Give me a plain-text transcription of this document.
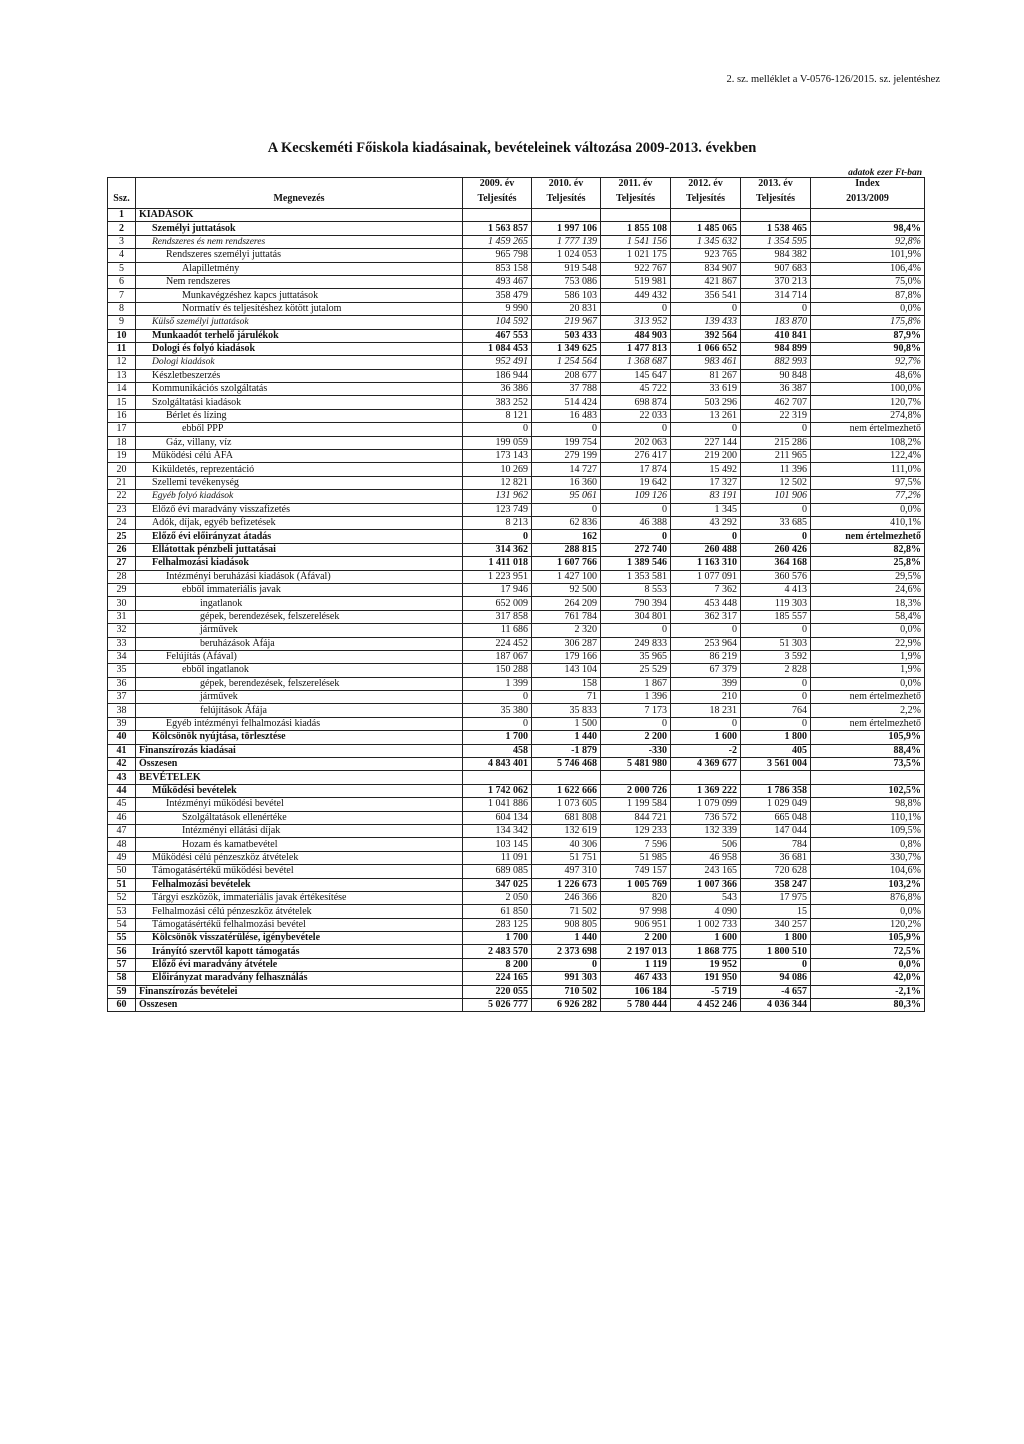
2. sz. melléklet a V-0576-126/2015. sz. jelentéshez
A Kecskeméti Főiskola kiadásainak, bevételeinek változása 2009-2013. években
adatok ezer Ft-ban
		2009. év	2010. év	2011. év	2012. év	2013. év	Index
Ssz.	Megnevezés	Teljesítés	Teljesítés	Teljesítés	Teljesítés	Teljesítés	2013/2009
1	KIADÁSOK						
2	Személyi juttatások	1 563 857	1 997 106	1 855 108	1 485 065	1 538 465	98,4%
3	Rendszeres és nem rendszeres	1 459 265	1 777 139	1 541 156	1 345 632	1 354 595	92,8%
4	Rendszeres személyi juttatás	965 798	1 024 053	1 021 175	923 765	984 382	101,9%
5	Alapilletmény	853 158	919 548	922 767	834 907	907 683	106,4%
6	Nem rendszeres	493 467	753 086	519 981	421 867	370 213	75,0%
7	Munkavégzéshez kapcs juttatások	358 479	586 103	449 432	356 541	314 714	87,8%
8	Normatív és teljesítéshez kötött jutalom	9 990	20 831	0	0	0	0,0%
9	Külső személyi juttatások	104 592	219 967	313 952	139 433	183 870	175,8%
10	Munkaadót terhelő járulékok	467 553	503 433	484 903	392 564	410 841	87,9%
11	Dologi és folyó kiadások	1 084 453	1 349 625	1 477 813	1 066 652	984 899	90,8%
12	Dologi kiadások	952 491	1 254 564	1 368 687	983 461	882 993	92,7%
13	Készletbeszerzés	186 944	208 677	145 647	81 267	90 848	48,6%
14	Kommunikációs szolgáltatás	36 386	37 788	45 722	33 619	36 387	100,0%
15	Szolgáltatási kiadások	383 252	514 424	698 874	503 296	462 707	120,7%
16	Bérlet és lízing	8 121	16 483	22 033	13 261	22 319	274,8%
17	ebből PPP	0	0	0	0	0	nem értelmezhető
18	Gáz, villany, víz	199 059	199 754	202 063	227 144	215 286	108,2%
19	Működési célú ÁFA	173 143	279 199	276 417	219 200	211 965	122,4%
20	Kiküldetés, reprezentáció	10 269	14 727	17 874	15 492	11 396	111,0%
21	Szellemi tevékenység	12 821	16 360	19 642	17 327	12 502	97,5%
22	Egyéb folyó kiadások	131 962	95 061	109 126	83 191	101 906	77,2%
23	Előző évi maradvány visszafizetés	123 749	0	0	1 345	0	0,0%
24	Adók, díjak, egyéb befizetések	8 213	62 836	46 388	43 292	33 685	410,1%
25	Előző évi előirányzat átadás	0	162	0	0	0	nem értelmezhető
26	Ellátottak pénzbeli juttatásai	314 362	288 815	272 740	260 488	260 426	82,8%
27	Felhalmozási kiadások	1 411 018	1 607 766	1 389 546	1 163 310	364 168	25,8%
28	Intézményi beruházási kiadások (Áfával)	1 223 951	1 427 100	1 353 581	1 077 091	360 576	29,5%
29	ebből immateriális javak	17 946	92 500	8 553	7 362	4 413	24,6%
30	ingatlanok	652 009	264 209	790 394	453 448	119 303	18,3%
31	gépek, berendezések, felszerelések	317 858	761 784	304 801	362 317	185 557	58,4%
32	járművek	11 686	2 320	0	0	0	0,0%
33	beruházások Áfája	224 452	306 287	249 833	253 964	51 303	22,9%
34	Felújítás (Áfával)	187 067	179 166	35 965	86 219	3 592	1,9%
35	ebből ingatlanok	150 288	143 104	25 529	67 379	2 828	1,9%
36	gépek, berendezések, felszerelések	1 399	158	1 867	399	0	0,0%
37	járművek	0	71	1 396	210	0	nem értelmezhető
38	felújítások Áfája	35 380	35 833	7 173	18 231	764	2,2%
39	Egyéb intézményi felhalmozási kiadás	0	1 500	0	0	0	nem értelmezhető
40	Kölcsönök nyújtása, törlesztése	1 700	1 440	2 200	1 600	1 800	105,9%
41	Finanszírozás kiadásai	458	-1 879	-330	-2	405	88,4%
42	Összesen	4 843 401	5 746 468	5 481 980	4 369 677	3 561 004	73,5%
43	BEVÉTELEK						
44	Működési bevételek	1 742 062	1 622 666	2 000 726	1 369 222	1 786 358	102,5%
45	Intézményi működési bevétel	1 041 886	1 073 605	1 199 584	1 079 099	1 029 049	98,8%
46	Szolgáltatások ellenértéke	604 134	681 808	844 721	736 572	665 048	110,1%
47	Intézményi ellátási díjak	134 342	132 619	129 233	132 339	147 044	109,5%
48	Hozam és kamatbevétel	103 145	40 306	7 596	506	784	0,8%
49	Működési célú pénzeszköz átvételek	11 091	51 751	51 985	46 958	36 681	330,7%
50	Támogatásértékű működési bevétel	689 085	497 310	749 157	243 165	720 628	104,6%
51	Felhalmozási bevételek	347 025	1 226 673	1 005 769	1 007 366	358 247	103,2%
52	Tárgyi eszközök, immateriális javak értékesítése	2 050	246 366	820	543	17 975	876,8%
53	Felhalmozási célú pénzeszköz átvételek	61 850	71 502	97 998	4 090	15	0,0%
54	Támogatásértékű felhalmozási bevétel	283 125	908 805	906 951	1 002 733	340 257	120,2%
55	Kölcsönök visszatérülése, igénybevétele	1 700	1 440	2 200	1 600	1 800	105,9%
56	Irányító szervtől kapott támogatás	2 483 570	2 373 698	2 197 013	1 868 775	1 800 510	72,5%
57	Előző évi maradvány átvétele	8 200	0	1 119	19 952	0	0,0%
58	Előirányzat maradvány felhasználás	224 165	991 303	467 433	191 950	94 086	42,0%
59	Finanszírozás bevételei	220 055	710 502	106 184	-5 719	-4 657	-2,1%
60	Összesen	5 026 777	6 926 282	5 780 444	4 452 246	4 036 344	80,3%
